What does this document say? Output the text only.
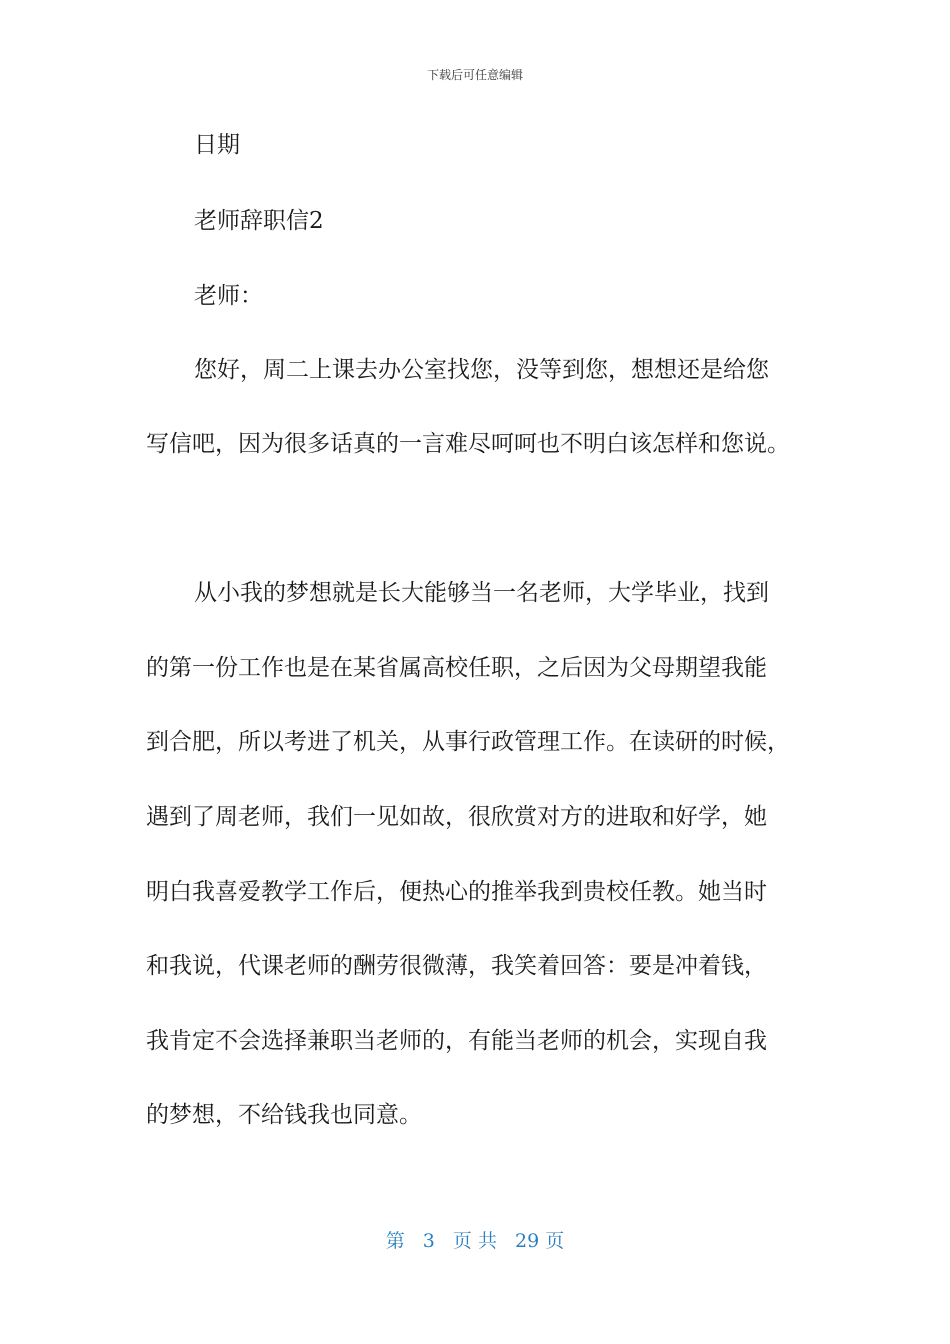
下载后可任意编辑
日期
老师辞职信2
老师：
您好，周二上课去办公室找您，没等到您，想想还是给您
写信吧，因为很多话真的一言难尽呵呵也不明白该怎样和您说。
从小我的梦想就是长大能够当一名老师，大学毕业，找到
的第一份工作也是在某省属高校任职，之后因为父母期望我能
到合肥，所以考进了机关，从事行政管理工作。在读研的时候，
遇到了周老师，我们一见如故，很欣赏对方的进取和好学，她
明白我喜爱教学工作后，便热心的推举我到贵校任教。她当时
和我说，代课老师的酬劳很微薄，我笑着回答：要是冲着钱，
我肯定不会选择兼职当老师的，有能当老师的机会，实现自我
的梦想，不给钱我也同意。
第 3 页 共 29 页
